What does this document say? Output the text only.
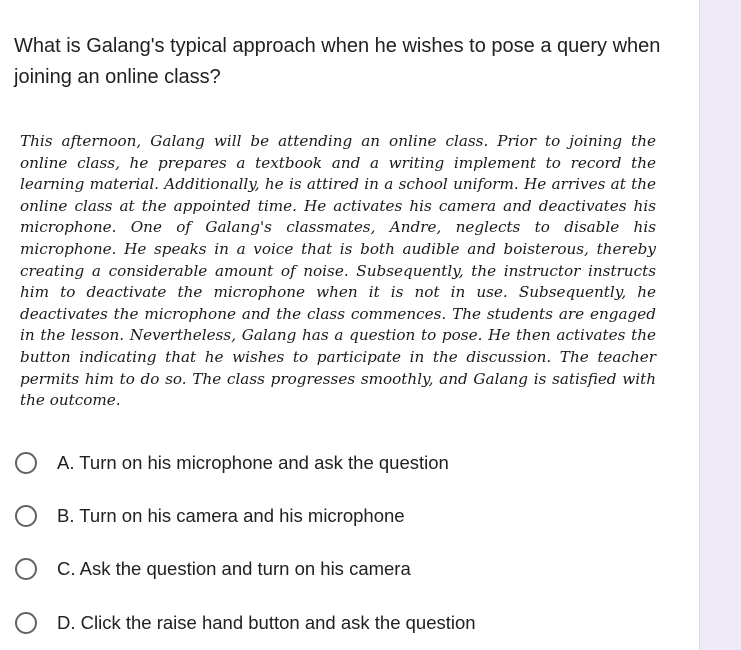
What is Galang's typical approach when he wishes to pose a query when joining an online class?
This afternoon, Galang will be attending an online class. Prior to joining the online class, he prepares a textbook and a writing implement to record the learning material. Additionally, he is attired in a school uniform. He arrives at the online class at the appointed time. He activates his camera and deactivates his microphone. One of Galang's classmates, Andre, neglects to disable his microphone. He speaks in a voice that is both audible and boisterous, thereby creating a considerable amount of noise. Subsequently, the instructor instructs him to deactivate the microphone when it is not in use. Subsequently, he deactivates the microphone and the class commences. The students are engaged in the lesson. Nevertheless, Galang has a question to pose. He then activates the button indicating that he wishes to participate in the discussion. The teacher permits him to do so. The class progresses smoothly, and Galang is satisfied with the outcome.
A. Turn on his microphone and ask the question
B. Turn on his camera and his microphone
C. Ask the question and turn on his camera
D. Click the raise hand button and ask the question
